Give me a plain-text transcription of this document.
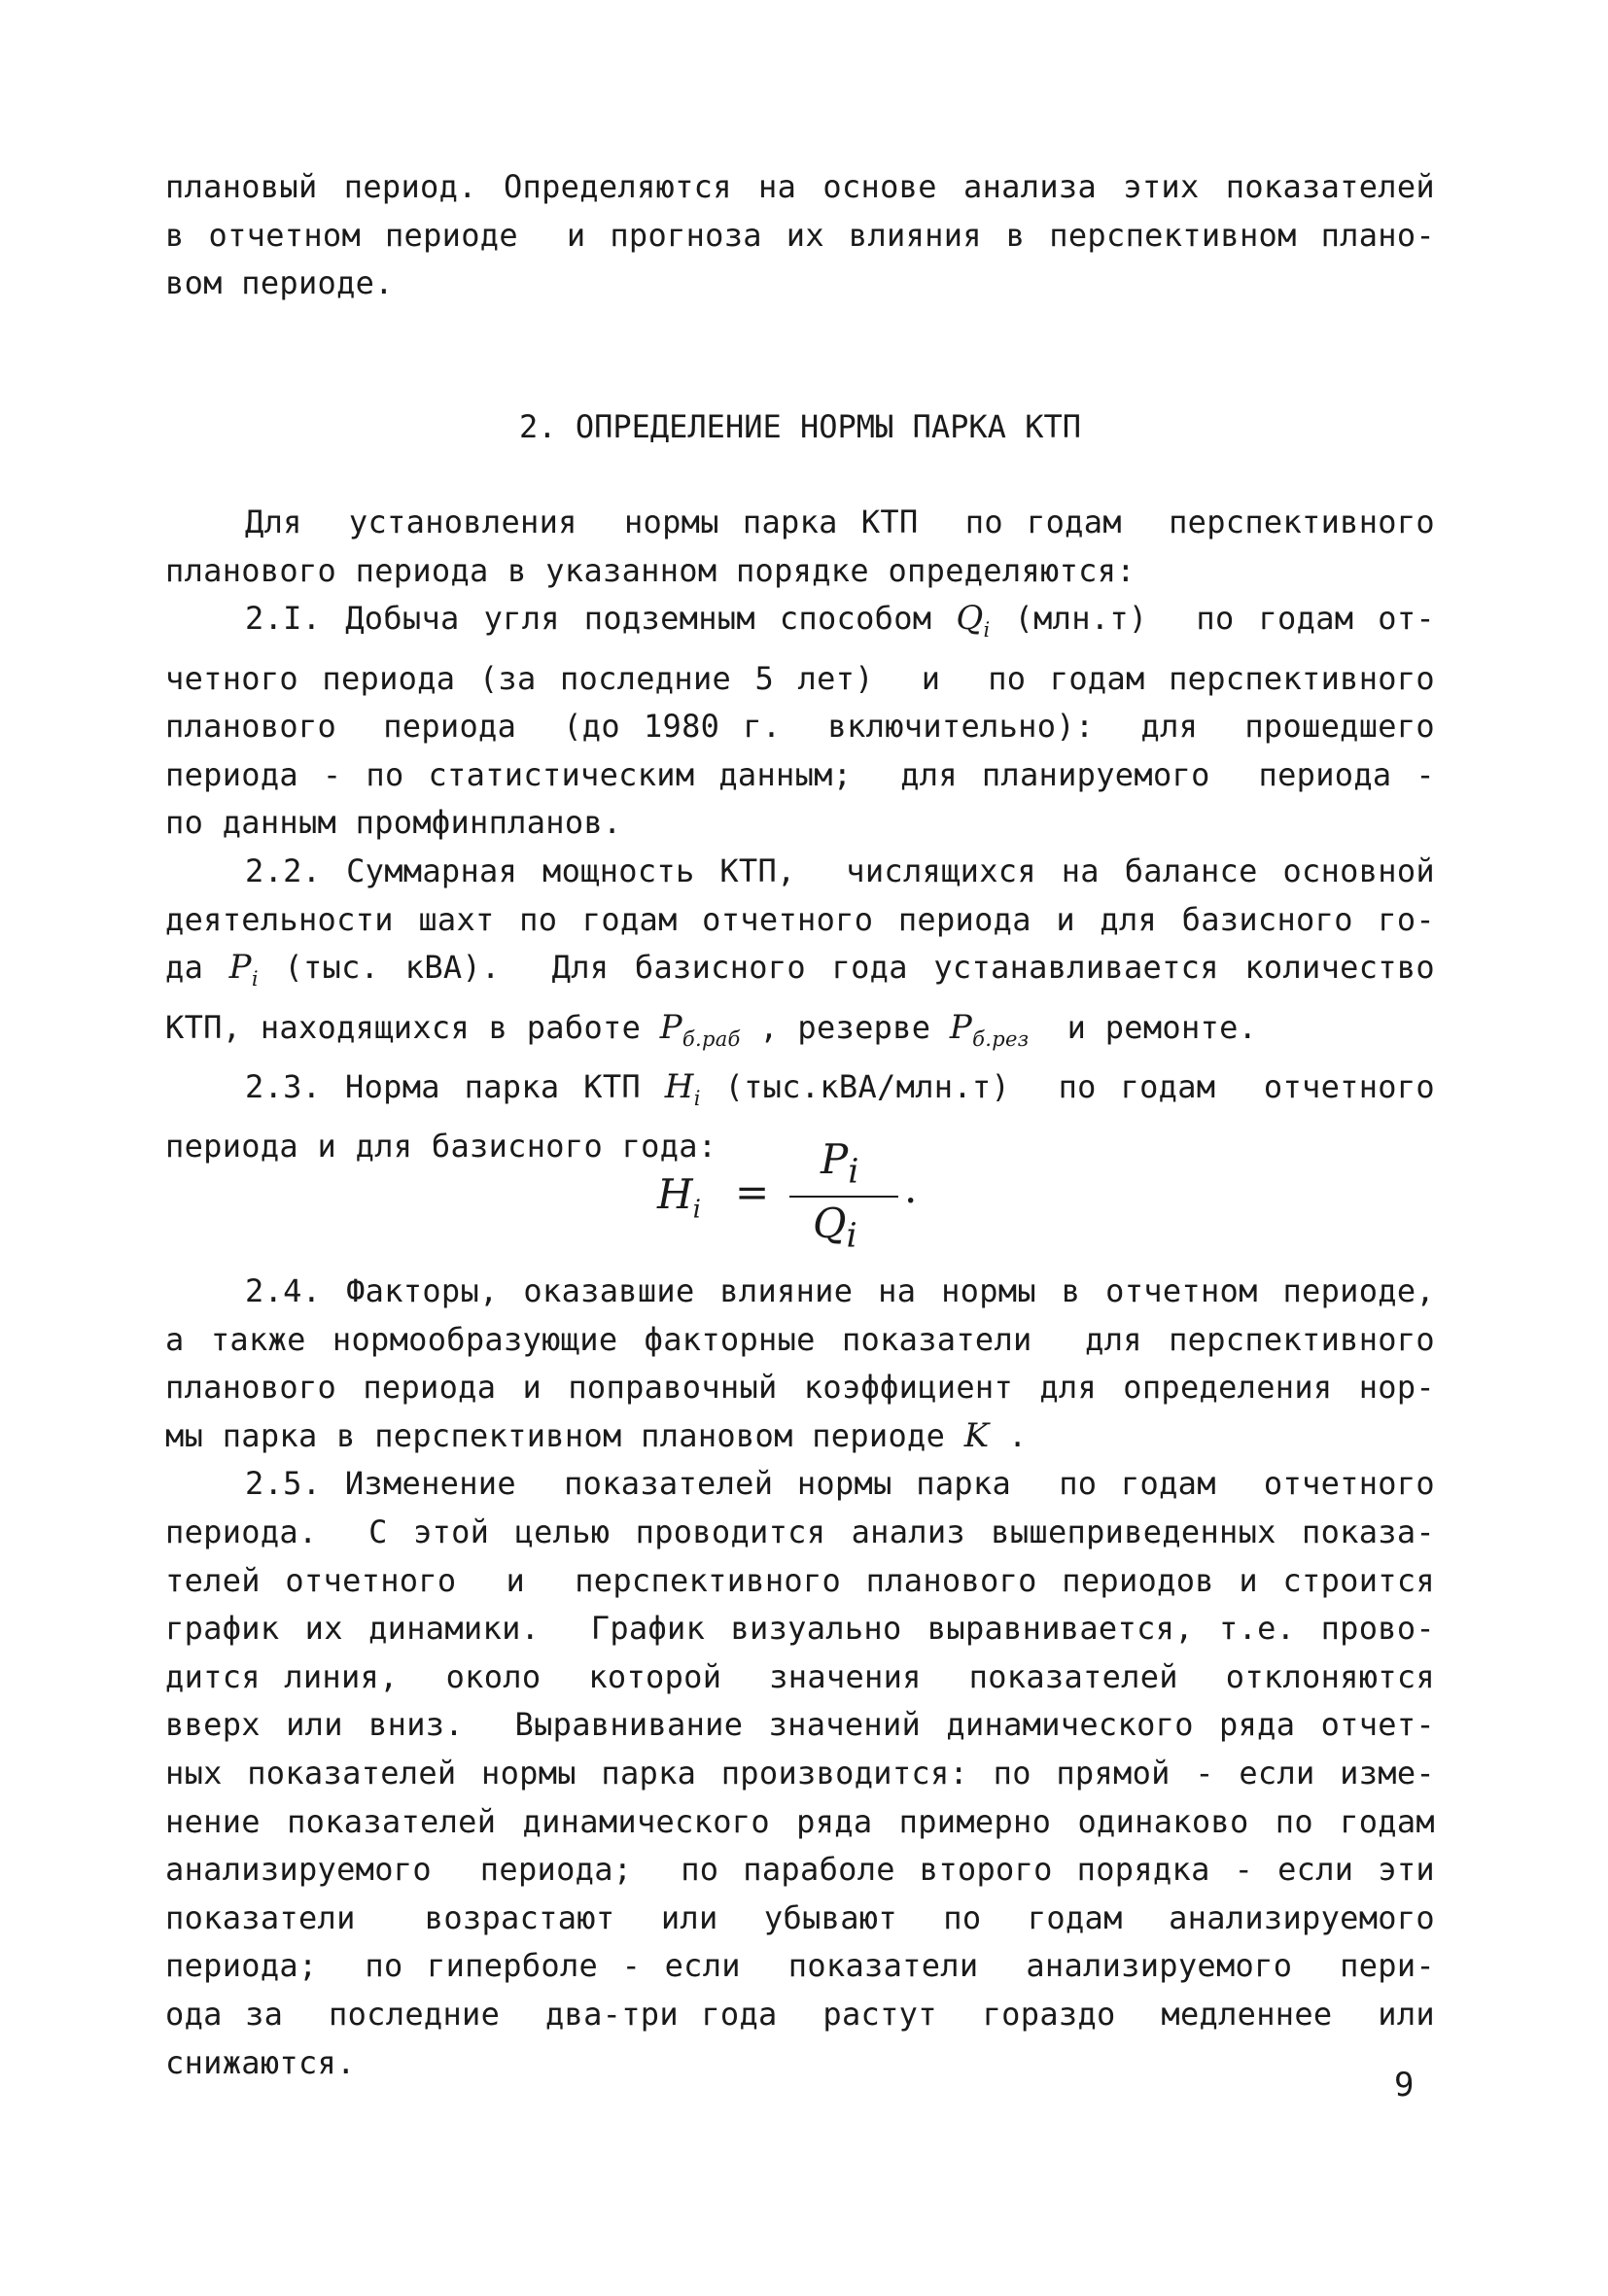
плановый период. Определяются на основе анализа этих показателей
в отчетном периоде  и прогноза их влияния в перспективном плано-
вом периоде.
2. ОПРЕДЕЛЕНИЕ НОРМЫ ПАРКА КТП
Для  установления  нормы парка КТП  по годам  перспективного
планового периода в указанном порядке определяются:
2.I. Добыча угля подземным способом $Q_i$ (млн.т)  по годам от-
четного периода (за последние 5 лет)  и  по годам перспективного
планового  периода  (до 1980 г.  включительно):  для  прошедшего
периода - по статистическим данным;  для планируемого  периода -
по данным промфинпланов.
2.2. Суммарная мощность КТП,  числящихся на балансе основной
деятельности шахт по годам отчетного периода и для базисного го-
да $P_i$ (тыс. кВА).  Для базисного года устанавливается количество
КТП, находящихся в работе $P_{б.раб}$ , резерве $P_{б.рез}$  и ремонте.
2.3. Норма парка КТП $H_i$ (тыс.кВА/млн.т)  по годам  отчетного
периода и для базисного года:
$H_i$ =
$P_i$
$Q_i$
.
2.4. Факторы, оказавшие влияние на нормы в отчетном периоде,
а также нормообразующие факторные показатели  для перспективного
планового периода и поправочный коэффициент для определения нор-
мы парка в перспективном плановом периоде K .
2.5. Изменение  показателей нормы парка  по годам  отчетного
периода.  С этой целью проводится анализ вышеприведенных показа-
телей отчетного  и  перспективного планового периодов и строится
график их динамики.  График визуально выравнивается, т.е. прово-
дится линия,  около  которой  значения  показателей  отклоняются
вверх или вниз.  Выравнивание значений динамического ряда отчет-
ных показателей нормы парка производится: по прямой - если изме-
нение показателей динамического ряда примерно одинаково по годам
анализируемого  периода;  по параболе второго порядка - если эти
показатели   возрастают  или  убывают  по  годам  анализируемого
периода;  по гиперболе - если  показатели  анализируемого  пери-
ода за  последние  два-три года  растут  гораздо  медленнее  или
снижаются.
9
